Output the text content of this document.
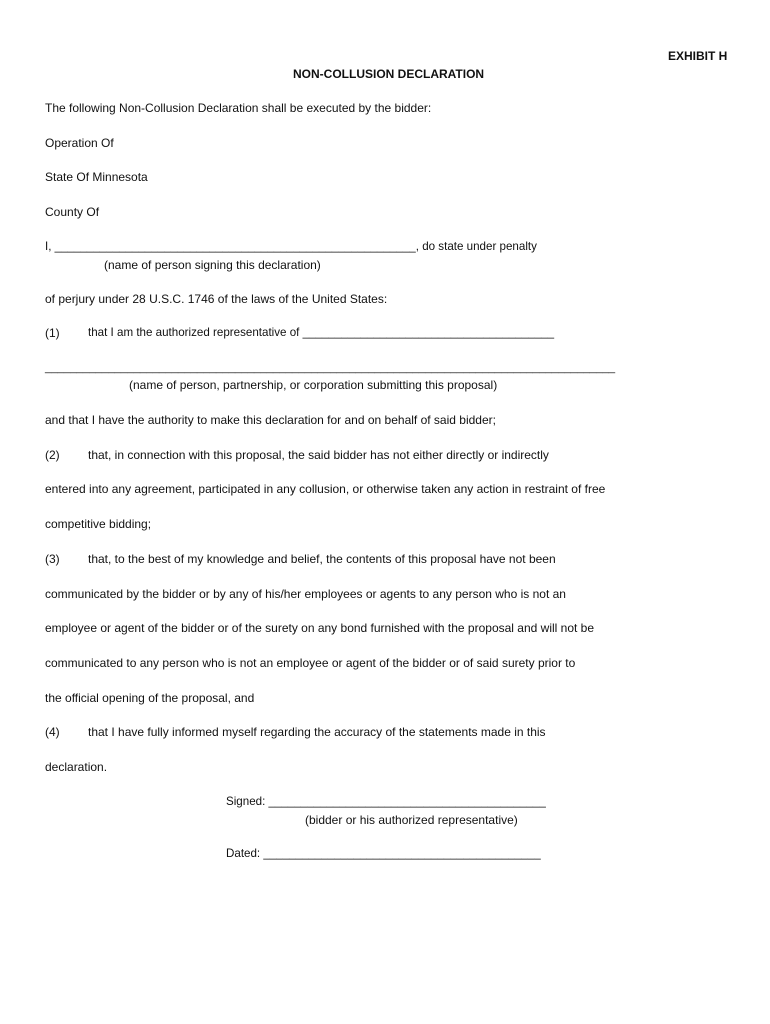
EXHIBIT H
NON-COLLUSION DECLARATION
The following Non-Collusion Declaration shall be executed by the bidder:
Operation Of
State Of Minnesota
County Of
I, ________________________________________________________, do state under penalty
(name of person signing this declaration)
of perjury under 28 U.S.C. 1746 of the laws of the United States:
(1) that I am the authorized representative of _______________________________________
__________________________________________________________________________________________
(name of person, partnership, or corporation submitting this proposal)
and that I have the authority to make this declaration for and on behalf of said bidder;
(2) that, in connection with this proposal, the said bidder has not either directly or indirectly
entered into any agreement, participated in any collusion, or otherwise taken any action in restraint of free
competitive bidding;
(3) that, to the best of my knowledge and belief, the contents of this proposal have not been
communicated by the bidder or by any of his/her employees or agents to any person who is not an
employee or agent of the bidder or of the surety on any bond furnished with the proposal and will not be
communicated to any person who is not an employee or agent of the bidder or of said surety prior to
the official opening of the proposal, and
(4) that I have fully informed myself regarding the accuracy of the statements made in this
declaration.
Signed: ___________________________________________
(bidder or his authorized representative)
Dated: ___________________________________________
